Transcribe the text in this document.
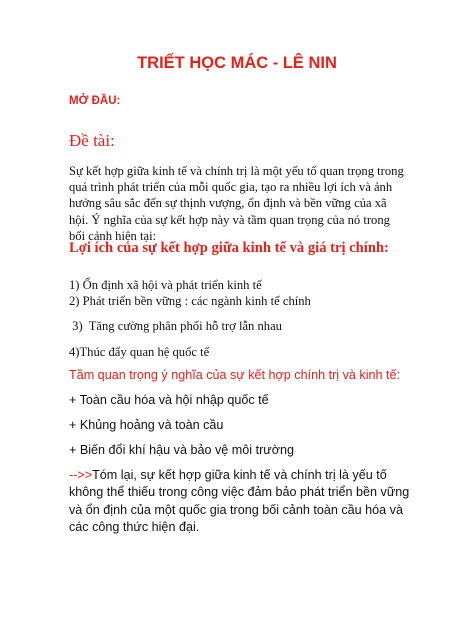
TRIẾT HỌC MÁC - LÊ NIN
MỞ ĐẦU:
Đề tài:
Sự kết hợp giữa kinh tế và chính trị là một yếu tố quan trọng trong quá trình phát triển của mỗi quốc gia, tạo ra nhiều lợi ích và ảnh hưởng sâu sắc đến sự thịnh vượng, ổn định và bền vững của xã hội. Ý nghĩa của sự kết hợp này và tầm quan trọng của nó trong bối cảnh hiện tại:
Lợi ích của sự kết hợp giữa kinh tế và giá trị chính:
1) Ổn định xã hội và phát triển kinh tế
2) Phát triển bền vững : các ngành kinh tế chính
3)  Tăng cường phân phối hỗ trợ lẫn nhau
4)Thúc đẩy quan hệ quốc tế
Tầm quan trọng ý nghĩa của sự kết hợp chính trị và kinh tế:
+ Toàn cầu hóa và hội nhập quốc tế
+ Khủng hoảng và toàn cầu
+ Biến đổi khí hậu và bảo vệ môi trường
-->>Tóm lại, sự kết hợp giữa kinh tế và chính trị là yếu tố không thể thiếu trong công việc đảm bảo phát triển bền vững và ổn định của một quốc gia trong bối cảnh toàn cầu hóa và các công thức hiện đại.
